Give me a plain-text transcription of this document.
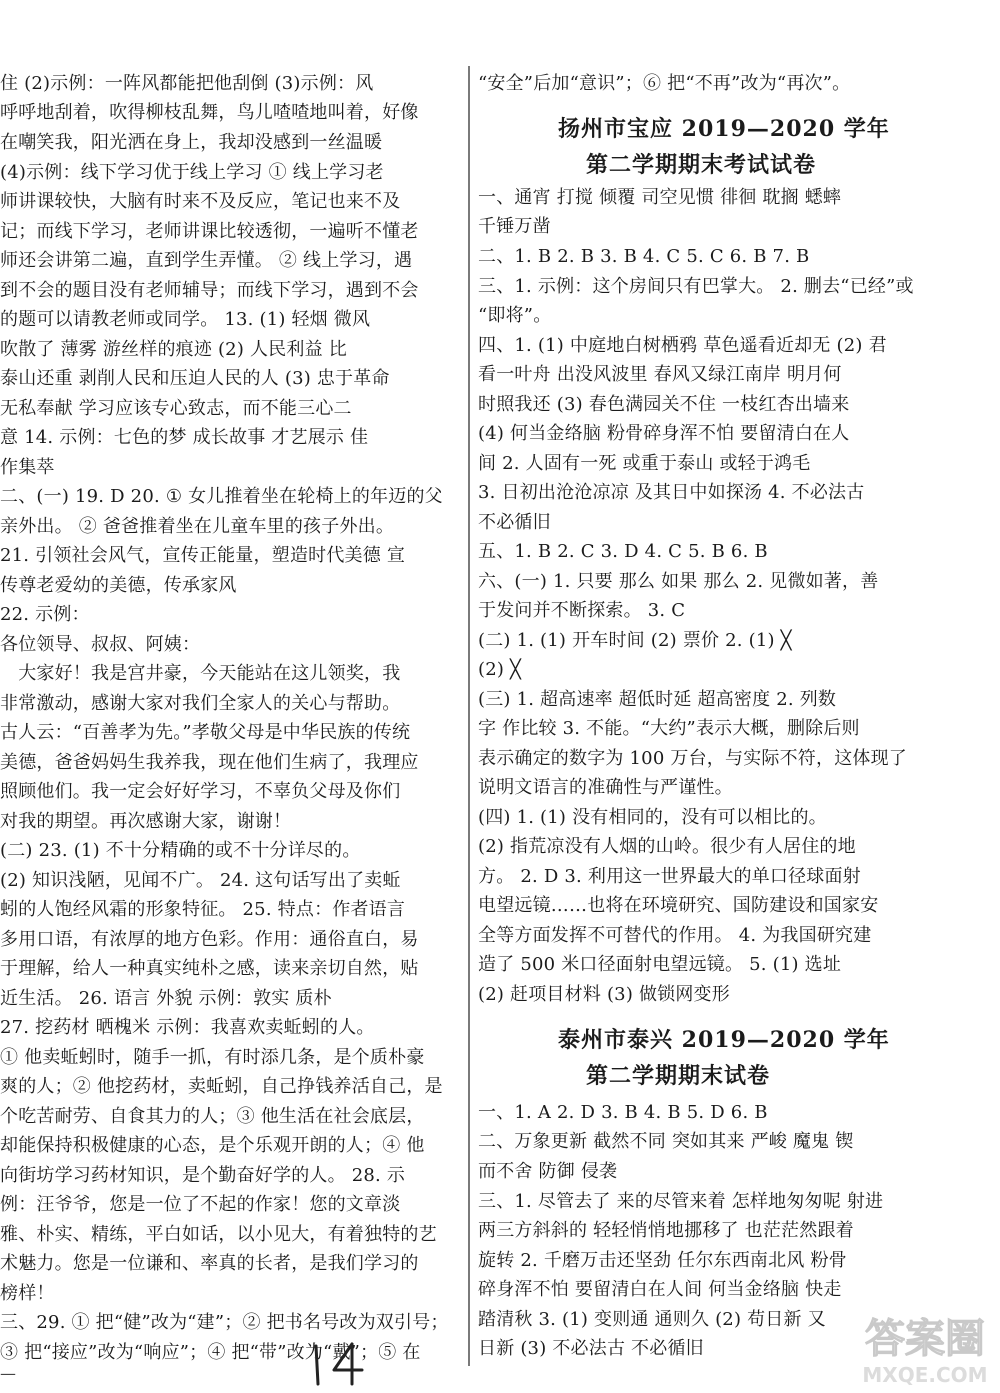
住 (2)示例：一阵风都能把他刮倒 (3)示例：风
呼呼地刮着，吹得柳枝乱舞，鸟儿喳喳地叫着，好像
在嘲笑我，阳光洒在身上，我却没感到一丝温暖
(4)示例：线下学习优于线上学习 ① 线上学习老
师讲课较快，大脑有时来不及反应，笔记也来不及
记；而线下学习，老师讲课比较透彻，一遍听不懂老
师还会讲第二遍，直到学生弄懂。 ② 线上学习，遇
到不会的题目没有老师辅导；而线下学习，遇到不会
的题可以请教老师或同学。 13. (1) 轻烟 微风
吹散了 薄雾 游丝样的痕迹 (2) 人民利益 比
泰山还重 剥削人民和压迫人民的人 (3) 忠于革命
无私奉献 学习应该专心致志，而不能三心二
意 14. 示例：七色的梦 成长故事 才艺展示 佳
作集萃
二、(一) 19. D 20. ① 女儿推着坐在轮椅上的年迈的父
亲外出。 ② 爸爸推着坐在儿童车里的孩子外出。
21. 引领社会风气，宣传正能量，塑造时代美德 宣
传尊老爱幼的美德，传承家风
22. 示例：
各位领导、叔叔、阿姨：
　大家好！我是宫井豪，今天能站在这儿领奖，我
非常激动，感谢大家对我们全家人的关心与帮助。
古人云：“百善孝为先。”孝敬父母是中华民族的传统
美德，爸爸妈妈生我养我，现在他们生病了，我理应
照顾他们。我一定会好好学习，不辜负父母及你们
对我的期望。再次感谢大家，谢谢！
(二) 23. (1) 不十分精确的或不十分详尽的。
(2) 知识浅陋，见闻不广。 24. 这句话写出了卖蚯
蚓的人饱经风霜的形象特征。 25. 特点：作者语言
多用口语，有浓厚的地方色彩。作用：通俗直白，易
于理解，给人一种真实纯朴之感，读来亲切自然，贴
近生活。 26. 语言 外貌 示例：敦实 质朴
27. 挖药材 晒槐米 示例：我喜欢卖蚯蚓的人。
① 他卖蚯蚓时，随手一抓，有时添几条，是个质朴豪
爽的人；② 他挖药材，卖蚯蚓，自己挣钱养活自己，是
个吃苦耐劳、自食其力的人；③ 他生活在社会底层，
却能保持积极健康的心态，是个乐观开朗的人；④ 他
向街坊学习药材知识，是个勤奋好学的人。 28. 示
例：汪爷爷，您是一位了不起的作家！您的文章淡
雅、朴实、精练，平白如话，以小见大，有着独特的艺
术魅力。您是一位谦和、率真的长者，是我们学习的
榜样！
三、29. ① 把“健”改为“建”；② 把书名号改为双引号；
③ 把“接应”改为“响应”；④ 把“带”改为“戴”；⑤ 在
“安全”后加“意识”；⑥ 把“不再”改为“再次”。
扬州市宝应 2019—2020 学年
第二学期期末考试试卷
一、通宵 打搅 倾覆 司空见惯 徘徊 耽搁 蟋蟀
千锤万凿
二、1. B 2. B 3. B 4. C 5. C 6. B 7. B
三、1. 示例：这个房间只有巴掌大。 2. 删去“已经”或
“即将”。
四、1. (1) 中庭地白树栖鸦 草色遥看近却无 (2) 君
看一叶舟 出没风波里 春风又绿江南岸 明月何
时照我还 (3) 春色满园关不住 一枝红杏出墙来
(4) 何当金络脑 粉骨碎身浑不怕 要留清白在人
间 2. 人固有一死 或重于泰山 或轻于鸿毛
3. 日初出沧沧凉凉 及其日中如探汤 4. 不必法古
不必循旧
五、1. B 2. C 3. D 4. C 5. B 6. B
六、(一) 1. 只要 那么 如果 那么 2. 见微如著，善
于发问并不断探索。 3. C
(二) 1. (1) 开车时间 (2) 票价 2. (1) ╳
(2) ╳
(三) 1. 超高速率 超低时延 超高密度 2. 列数
字 作比较 3. 不能。“大约”表示大概，删除后则
表示确定的数字为 100 万台，与实际不符，这体现了
说明文语言的准确性与严谨性。
(四) 1. (1) 没有相同的，没有可以相比的。
(2) 指荒凉没有人烟的山岭。很少有人居住的地
方。 2. D 3. 利用这一世界最大的单口径球面射
电望远镜……也将在环境研究、国防建设和国家安
全等方面发挥不可替代的作用。 4. 为我国研究建
造了 500 米口径面射电望远镜。 5. (1) 选址
(2) 赶项目材料 (3) 做锁网变形
泰州市泰兴 2019—2020 学年
第二学期期末试卷
一、1. A 2. D 3. B 4. B 5. D 6. B
二、万象更新 截然不同 突如其来 严峻 魔鬼 锲
而不舍 防御 侵袭
三、1. 尽管去了 来的尽管来着 怎样地匆匆呢 射进
两三方斜斜的 轻轻悄悄地挪移了 也茫茫然跟着
旋转 2. 千磨万击还坚劲 任尔东西南北风 粉骨
碎身浑不怕 要留清白在人间 何当金络脑 快走
踏清秋 3. (1) 变则通 通则久 (2) 苟日新 又
日新 (3) 不必法古 不必循旧
—
答案圈
MXQE.COM
